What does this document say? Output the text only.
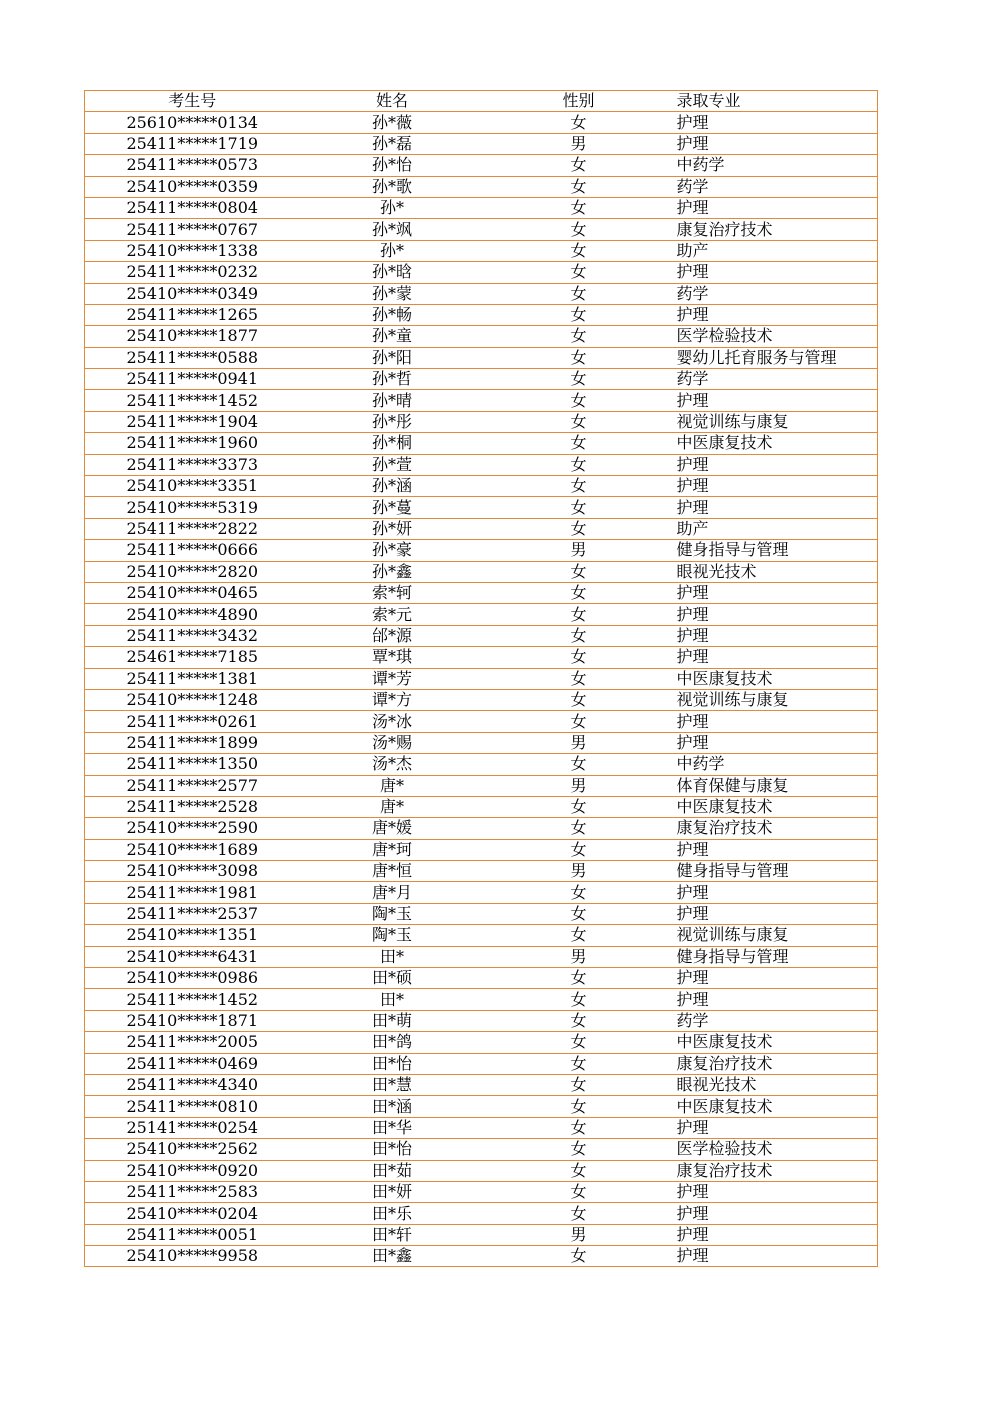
考生号	姓名	性别	录取专业
25610*****0134	孙*薇	女	护理
25411*****1719	孙*磊	男	护理
25411*****0573	孙*怡	女	中药学
25410*****0359	孙*歌	女	药学
25411*****0804	孙*	女	护理
25411*****0767	孙*飒	女	康复治疗技术
25410*****1338	孙*	女	助产
25411*****0232	孙*晗	女	护理
25410*****0349	孙*蒙	女	药学
25411*****1265	孙*畅	女	护理
25410*****1877	孙*童	女	医学检验技术
25411*****0588	孙*阳	女	婴幼儿托育服务与管理
25411*****0941	孙*哲	女	药学
25411*****1452	孙*晴	女	护理
25411*****1904	孙*彤	女	视觉训练与康复
25411*****1960	孙*桐	女	中医康复技术
25411*****3373	孙*萱	女	护理
25410*****3351	孙*涵	女	护理
25410*****5319	孙*蔓	女	护理
25411*****2822	孙*妍	女	助产
25411*****0666	孙*豪	男	健身指导与管理
25410*****2820	孙*鑫	女	眼视光技术
25410*****0465	索*轲	女	护理
25410*****4890	索*元	女	护理
25411*****3432	邰*源	女	护理
25461*****7185	覃*琪	女	护理
25411*****1381	谭*芳	女	中医康复技术
25410*****1248	谭*方	女	视觉训练与康复
25411*****0261	汤*冰	女	护理
25411*****1899	汤*赐	男	护理
25411*****1350	汤*杰	女	中药学
25411*****2577	唐*	男	体育保健与康复
25411*****2528	唐*	女	中医康复技术
25410*****2590	唐*媛	女	康复治疗技术
25410*****1689	唐*珂	女	护理
25410*****3098	唐*恒	男	健身指导与管理
25411*****1981	唐*月	女	护理
25411*****2537	陶*玉	女	护理
25410*****1351	陶*玉	女	视觉训练与康复
25410*****6431	田*	男	健身指导与管理
25410*****0986	田*硕	女	护理
25411*****1452	田*	女	护理
25410*****1871	田*萌	女	药学
25411*****2005	田*鸽	女	中医康复技术
25411*****0469	田*怡	女	康复治疗技术
25411*****4340	田*慧	女	眼视光技术
25411*****0810	田*涵	女	中医康复技术
25141*****0254	田*华	女	护理
25410*****2562	田*怡	女	医学检验技术
25410*****0920	田*茹	女	康复治疗技术
25411*****2583	田*妍	女	护理
25410*****0204	田*乐	女	护理
25411*****0051	田*轩	男	护理
25410*****9958	田*鑫	女	护理
